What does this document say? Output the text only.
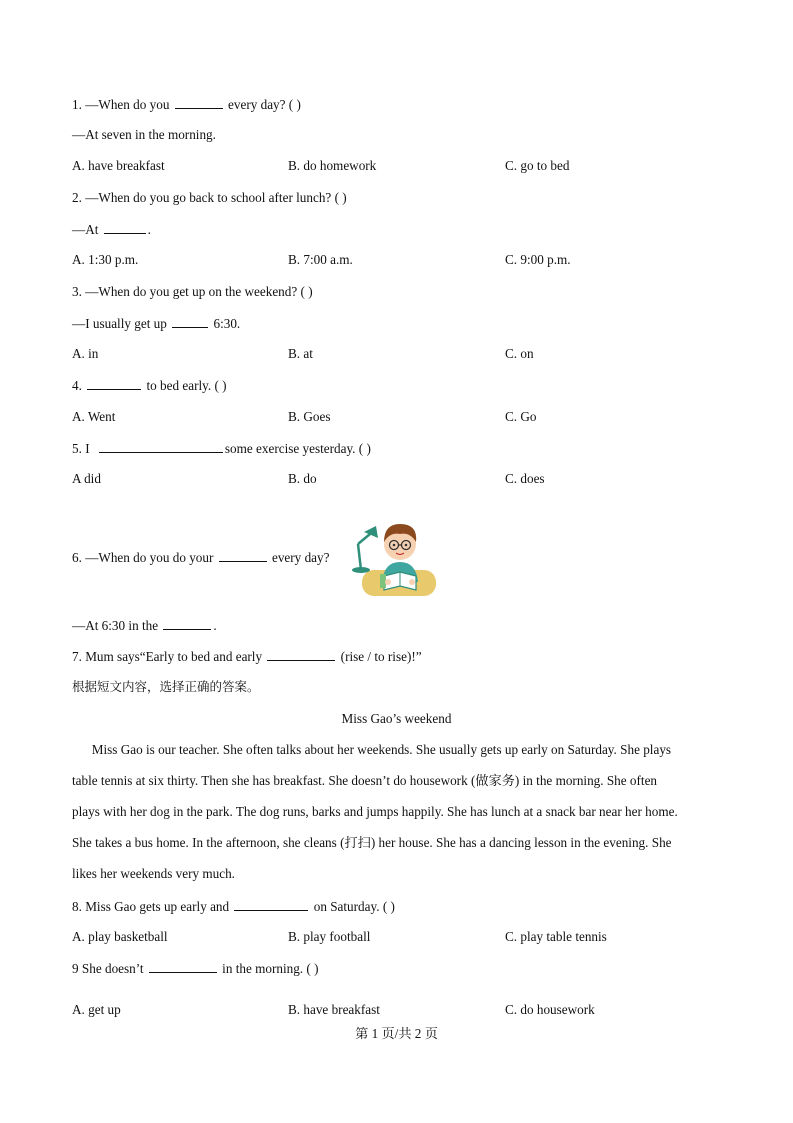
1. —When do you	every day? ( )
—At seven in the morning.
A. have breakfast	B. do homework	C. go to bed
2. —When do you go back to school after lunch? ( )
—At	.
A. 1:30 p.m.	B. 7:00 a.m.	C. 9:00 p.m.
3. —When do you get up on the weekend? ( )
—I usually get up	6:30.
A. in	B. at	C. on
4.	to bed early. ( )
A. Went	B. Goes	C. Go
5. I	some exercise yesterday. ( )
A did	B. do	C. does
6. —When do you do your	every day?
—At 6:30 in the	.
7. Mum says“Early to bed and early	(rise / to rise)!”
根据短文内容，选择正确的答案。
Miss Gao’s weekend
Miss Gao is our teacher. She often talks about her weekends. She usually gets up early on Saturday. She plays
table tennis at six thirty. Then she has breakfast. She doesn’t do housework (做家务) in the morning. She often
plays with her dog in the park. The dog runs, barks and jumps happily. She has lunch at a snack bar near her home.
She takes a bus home. In the afternoon, she cleans (打扫) her house. She has a dancing lesson in the evening. She
likes her weekends very much.
8. Miss Gao gets up early and	on Saturday. ( )
A. play basketball	B. play football	C. play table tennis
9 She doesn’t	in the morning. ( )
A. get up	B. have breakfast	C. do housework
第 1 页/共 2 页
